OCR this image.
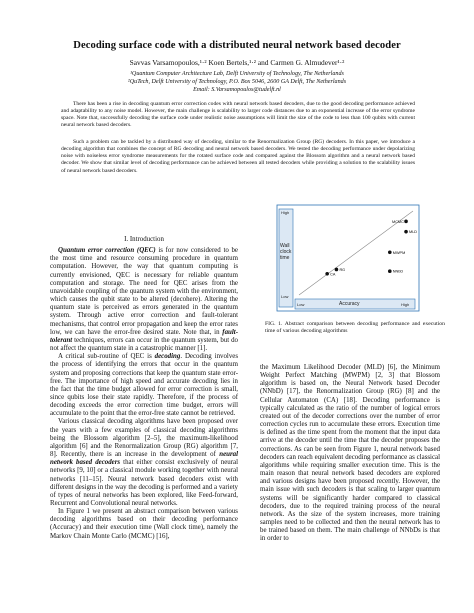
Decoding surface code with a distributed neural network based decoder
Savvas Varsamopoulos,¹·² Koen Bertels,¹·² and Carmen G. Almudever¹·²
¹Quantum Computer Architecture Lab, Delft University of Technology, The Netherlands
²QuTech, Delft University of Technology, P.O. Box 5046, 2600 GA Delft, The Netherlands
Email: S.Varsamopoulos@tudelft.nl

There has been a rise in decoding quantum error correction codes with neural network based decoders, due to the good decoding performance achieved and adaptability to any noise model. However, the main challenge is scalability to larger code distances due to an exponential increase of the error syndrome space. Note that, successfully decoding the surface code under realistic noise assumptions will limit the size of the code to less than 100 qubits with current neural network based decoders.

Such a problem can be tackled by a distributed way of decoding, similar to the Renormalization Group (RG) decoders. In this paper, we introduce a decoding algorithm that combines the concept of RG decoding and neural network based decoders. We tested the decoding performance under depolarizing noise with noiseless error syndrome measurements for the rotated surface code and compared against the Blossom algorithm and a neural network based decoder. We show that similar level of decoding performance can be achieved between all tested decoders while providing a solution to the scalability issues of neural network based decoders.

I. Introduction

Quantum error correction (QEC) is for now considered to be the most time and resource consuming procedure in quantum computation. However, the way that quantum computing is currently envisioned, QEC is necessary for reliable quantum computation and storage. The need for QEC arises from the unavoidable coupling of the quantum system with the environment, which causes the qubit state to be altered (decohere). Altering the quantum state is perceived as errors generated in the quantum system. Through active error correction and fault-tolerant mechanisms, that control error propagation and keep the error rates low, we can have the error-free desired state. Note that, in fault-tolerant techniques, errors can occur in the quantum system, but do not affect the quantum state in a catastrophic manner [1].

A critical sub-routine of QEC is decoding. Decoding involves the process of identifying the errors that occur in the quantum system and proposing corrections that keep the quantum state error-free. The importance of high speed and accurate decoding lies in the fact that the time budget allowed for error correction is small, since qubits lose their state rapidly. Therefore, if the process of decoding exceeds the error correction time budget, errors will accumulate to the point that the error-free state cannot be retrieved.

Various classical decoding algorithms have been proposed over the years with a few examples of classical decoding algorithms being the Blossom algorithm [2–5], the maximum-likelihood algorithm [6] and the Renormalization Group (RG) algorithm [7, 8]. Recently, there is an increase in the development of neural network based decoders that either consist exclusively of neural networks [9, 10] or a classical module working together with neural networks [11–15]. Neural network based decoders exist with different designs in the way the decoding is performed and a variety of types of neural networks has been explored, like Feed-forward, Recurrent and Convolutional neural networks.

In Figure 1 we present an abstract comparison between various decoding algorithms based on their decoding performance (Accuracy) and their execution time (Wall clock time), namely the Markov Chain Monte Carlo (MCMC) [16],

MCMC
MLD
MWPM
RG
CA
NNbD
High
Wall clock time
Low
Low	Accuracy	High
FIG. 1. Abstract comparison between decoding performance and execution time of various decoding algorithms

the Maximum Likelihood Decoder (MLD) [6], the Minimum Weight Perfect Matching (MWPM) [2, 3] that Blossom algorithm is based on, the Neural Network based Decoder (NNbD) [17], the Renormalization Group (RG) [8] and the Cellular Automaton (CA) [18]. Decoding performance is typically calculated as the ratio of the number of logical errors created out of the decoder corrections over the number of error correction cycles run to accumulate these errors. Execution time is defined as the time spent from the moment that the input data arrive at the decoder until the time that the decoder proposes the corrections. As can be seen from Figure 1, neural network based decoders can reach equivalent decoding performance as classical algorithms while requiring smaller execution time. This is the main reason that neural network based decoders are explored and various designs have been proposed recently. However, the main issue with such decoders is that scaling to larger quantum systems will be significantly harder compared to classical decoders, due to the required training process of the neural network. As the size of the system increases, more training samples need to be collected and then the neural network has to be trained based on them. The main challenge of NNbDs is that in order to
